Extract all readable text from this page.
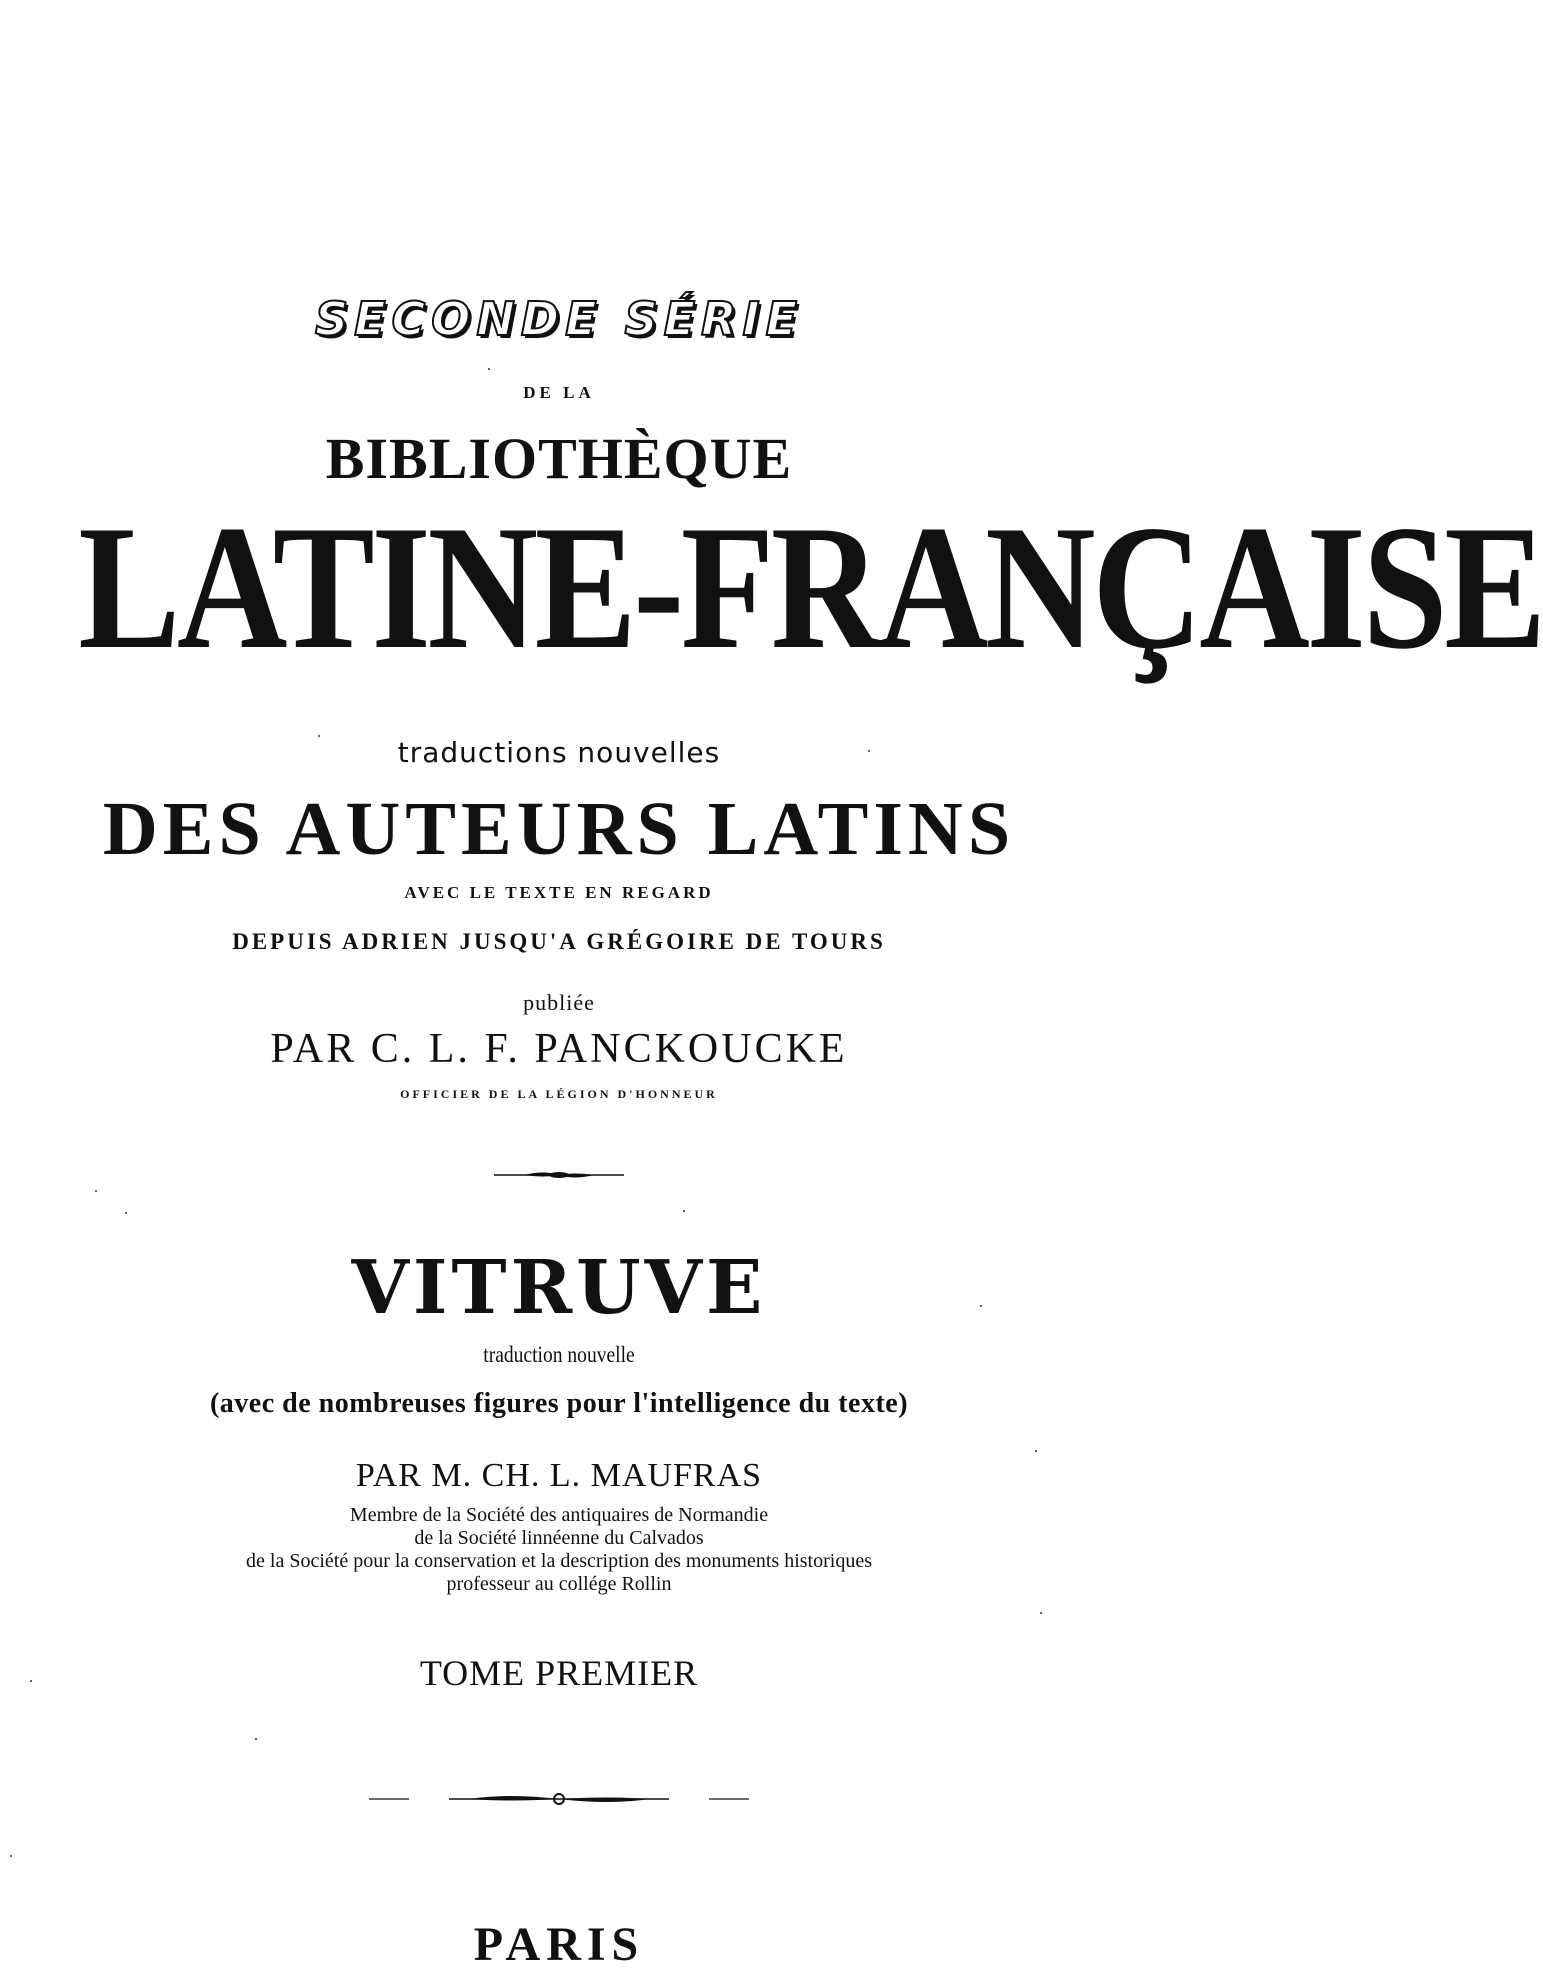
SECONDE SÉRIE
DE LA
BIBLIOTHÈQUE
LATINE-FRANÇAISE
traductions nouvelles
DES AUTEURS LATINS
AVEC LE TEXTE EN REGARD
DEPUIS ADRIEN JUSQU'A GRÉGOIRE DE TOURS
publiée
PAR C. L. F. PANCKOUCKE
OFFICIER DE LA LÉGION D'HONNEUR
VITRUVE
traduction nouvelle
(avec de nombreuses figures pour l'intelligence du texte)
PAR M. CH. L. MAUFRAS
Membre de la Société des antiquaires de Normandie
de la Société linnéenne du Calvados
de la Société pour la conservation et la description des monuments historiques
professeur au collége Rollin
TOME PREMIER
PARIS
